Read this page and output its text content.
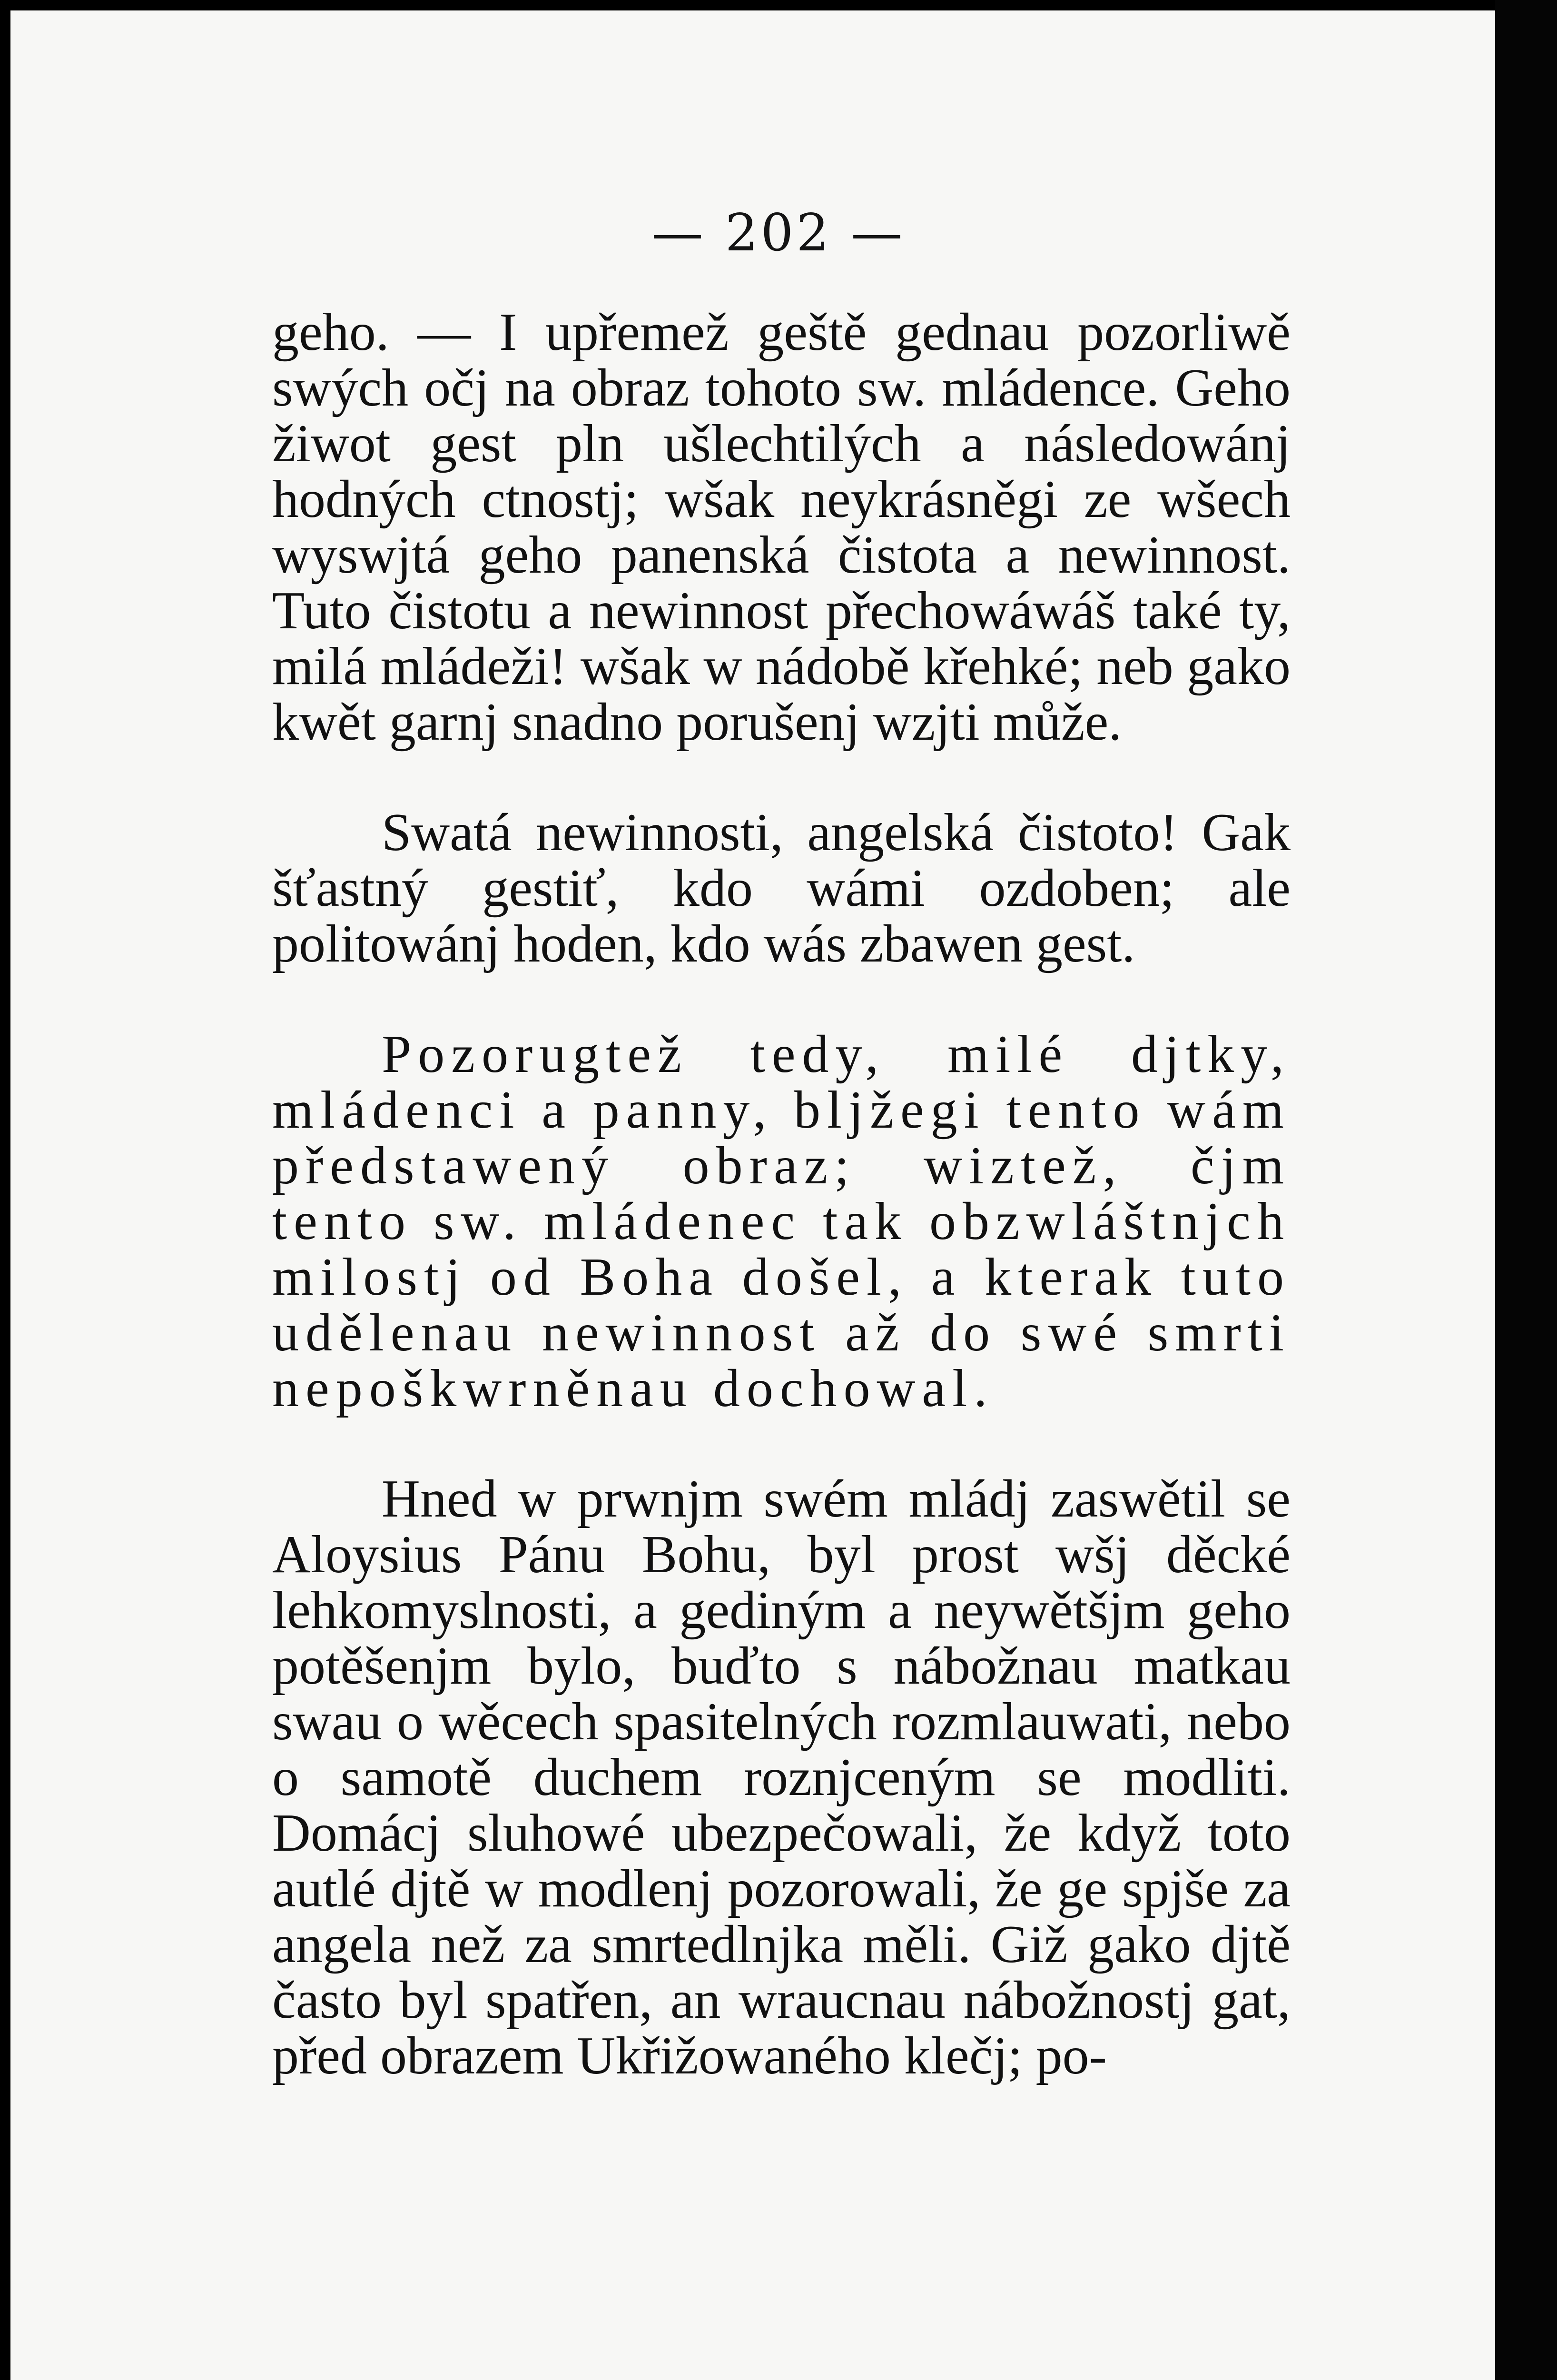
— 202 —

geho. — I upřemež geště gednau pozorliwě swých očj na obraz tohoto sw. mládence. Geho žiwot gest pln ušlechtilých a následowánj hodných ctnostj; wšak neykrásněgi ze wšech wyswjtá geho panenská čistota a newinnost. Tuto čistotu a newinnost přechowáwáš také ty, milá mládeži! wšak w nádobě křehké; neb gako kwět garnj snadno porušenj wzjti může.

Swatá newinnosti, angelská čistoto! Gak šťastný gestiť, kdo wámi ozdoben; ale politowánj hoden, kdo wás zbawen gest.

Pozorugtež tedy, milé djtky, mládenci a panny, bljžegi tento wám předstawený obraz; wiztež, čjm tento sw. mládenec tak obzwláštnjch milostj od Boha došel, a kterak tuto udělenau newinnost až do swé smrti nepoškwrněnau dochowal.

Hned w prwnjm swém mládj zaswětil se Aloysius Pánu Bohu, byl prost wšj děcké lehkomyslnosti, a gediným a neywětšjm geho potěšenjm bylo, buďto s nábožnau matkau swau o wěcech spasitelných rozmlauwati, nebo o samotě duchem roznjceným se modliti. Domácj sluhowé ubezpečowali, že když toto autlé djtě w modlenj pozorowali, že ge spjše za angela než za smrtedlnjka měli. Giž gako djtě často byl spatřen, an wraucnau nábožnostj gat, před obrazem Ukřižowaného klečj; po-
